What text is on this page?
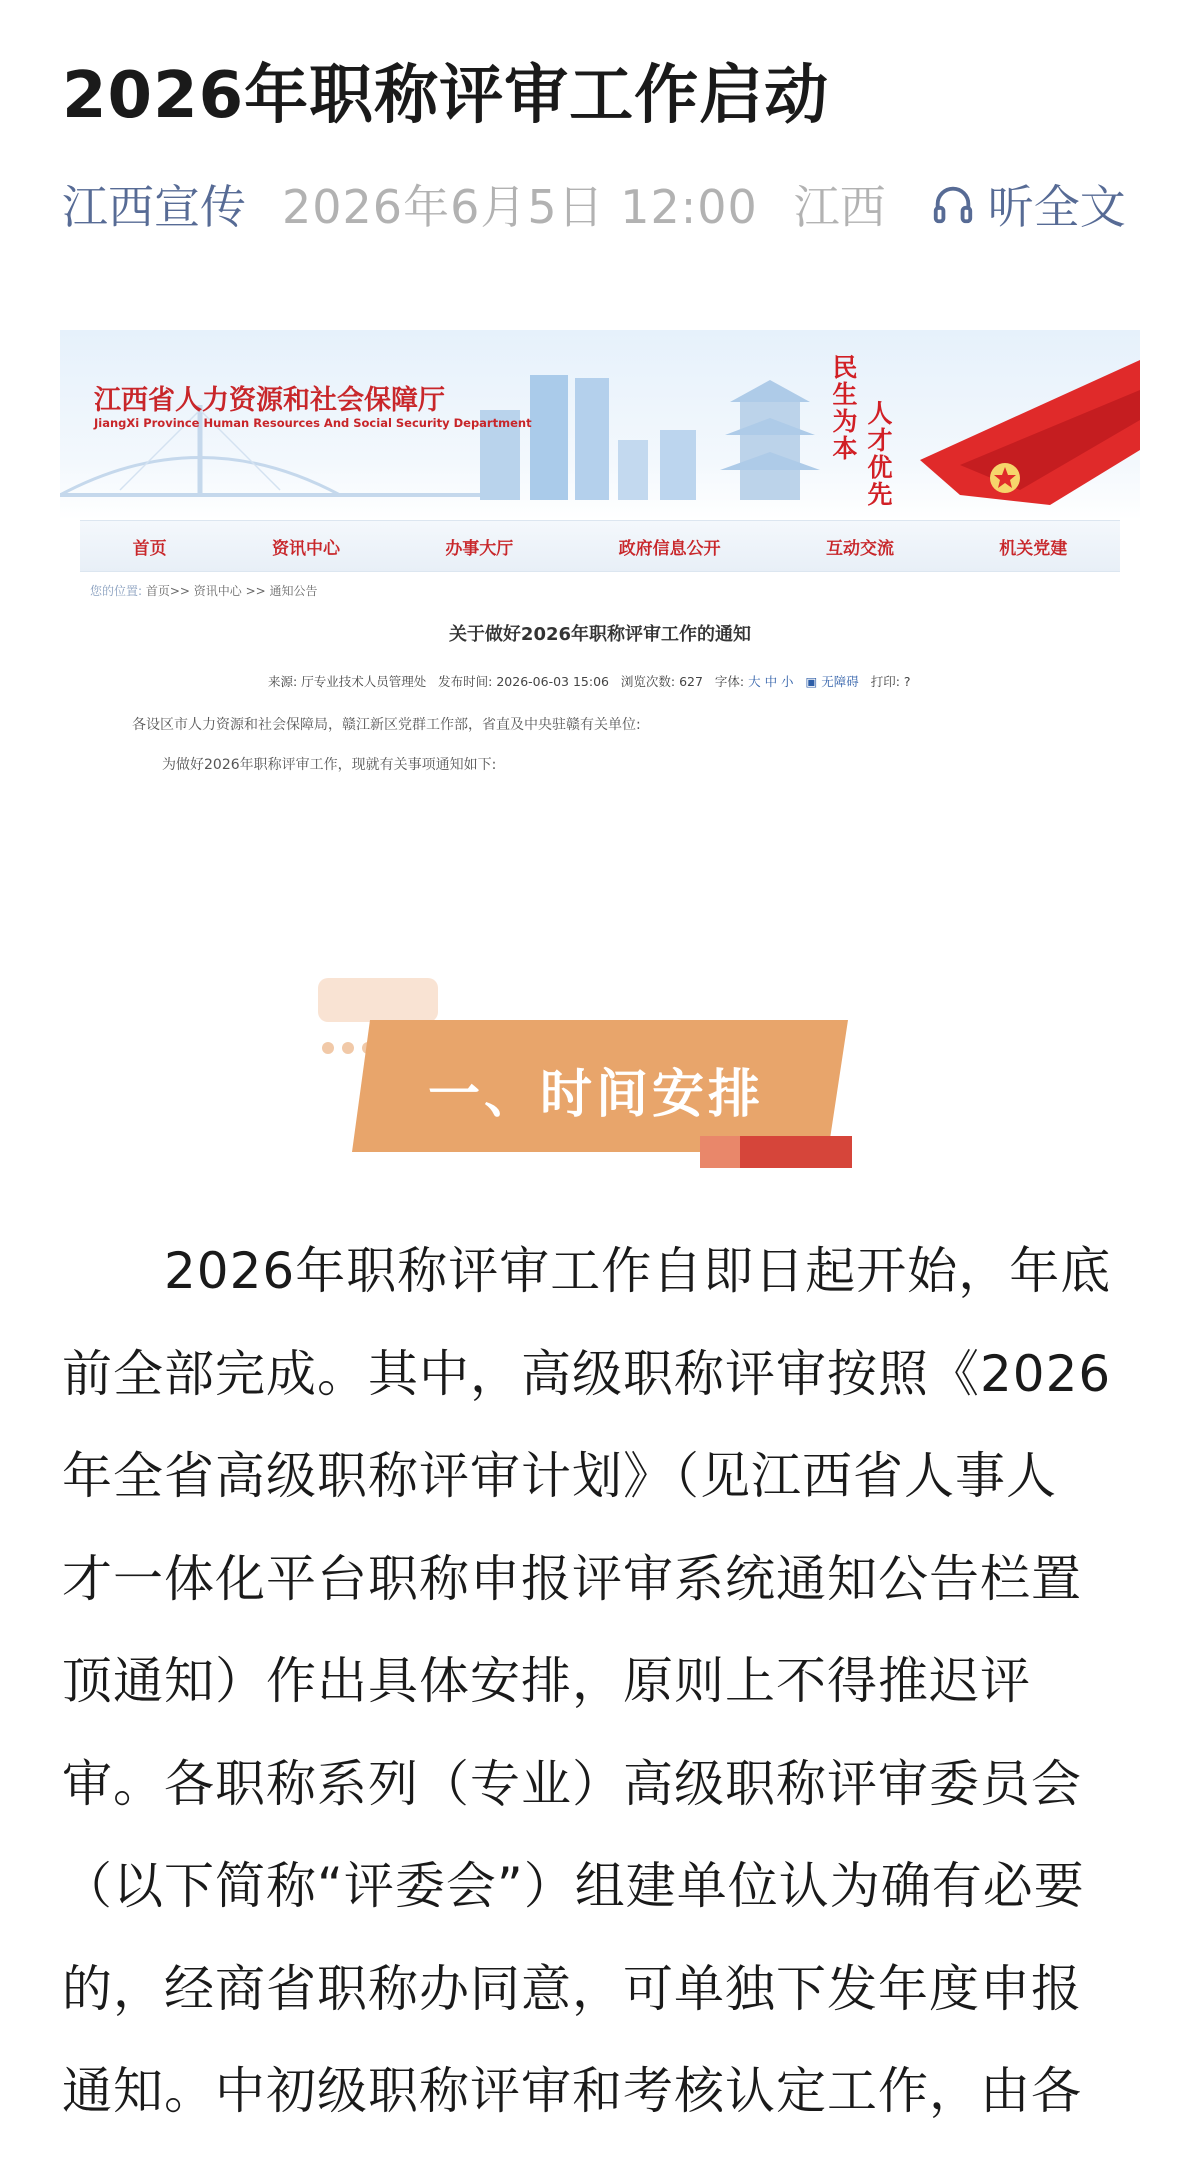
2026年职称评审工作启动
江西宣传 2026年6月5日 12:00 江西 听全文
江西省人力资源和社会保障厅
JiangXi Province Human Resources And Social Security Department	民生为本 人才优先
首页	资讯中心	办事大厅	政府信息公开	互动交流	机关党建
您的位置: 首页>> 资讯中心 >> 通知公告
关于做好2026年职称评审工作的通知
来源: 厅专业技术人员管理处 发布时间: 2026-06-03 15:06 浏览次数: 627 字体: 大 中 小 ▣ 无障碍 打印: ?
各设区市人力资源和社会保障局，赣江新区党群工作部，省直及中央驻赣有关单位:
为做好2026年职称评审工作，现就有关事项通知如下:
一、时间安排
2026年职称评审工作自即日起开始，年底
前全部完成。其中，高级职称评审按照《2026
年全省高级职称评审计划》（见江西省人事人
才一体化平台职称申报评审系统通知公告栏置
顶通知）作出具体安排，原则上不得推迟评
审。各职称系列（专业）高级职称评审委员会
（以下简称“评委会”）组建单位认为确有必要
的，经商省职称办同意，可单独下发年度申报
通知。中初级职称评审和考核认定工作，由各
